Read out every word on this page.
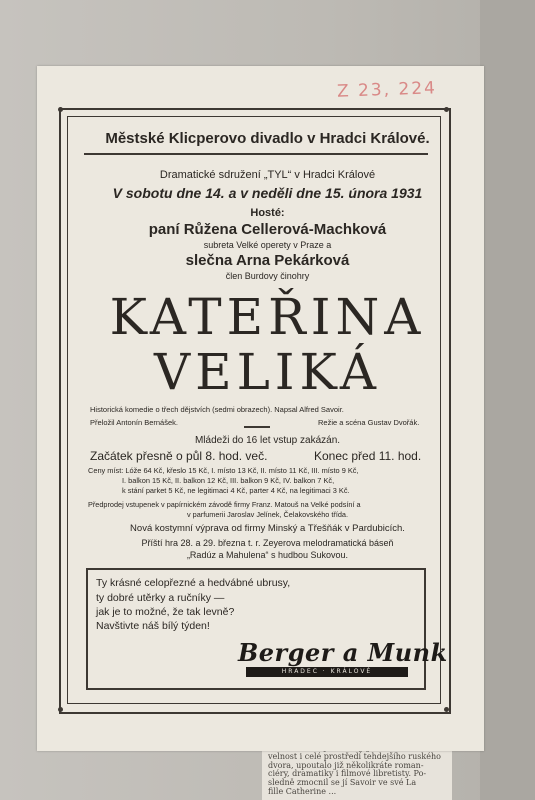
velnost i celé prostředí tehdejšího ruského
dvora, upoutalo již několikráte roman-
ciéry, dramatiky i filmové libretisty. Po-
sledně zmocnil se jí Savoir ve své La
fille Catherine ...
Z 23, 224
Městské Klicperovo divadlo v Hradci Králové.
Dramatické sdružení „TYL“ v Hradci Králové
V sobotu dne 14. a v neděli dne 15. února 1931
Hosté:
paní Růžena Cellerová-Machková
subreta Velké operety v Praze a
slečna Arna Pekárková
člen Burdovy činohry
KATEŘINA
VELIKÁ
Historická komedie o třech dějstvích (sedmi obrazech). Napsal Alfred Savoir.
Přeložil Antonín Bernášek.	Režie a scéna Gustav Dvořák.
Mládeži do 16 let vstup zakázán.
Začátek přesně o půl 8. hod. več.	Konec před 11. hod.
Ceny míst: Lóže 64 Kč, křeslo 15 Kč, I. místo 13 Kč, II. místo 11 Kč, III. místo 9 Kč,
I. balkon 15 Kč, II. balkon 12 Kč, III. balkon 9 Kč, IV. balkon 7 Kč,
k stání parket 5 Kč, ne legitimaci 4 Kč, parter 4 Kč, na legitimaci 3 Kč.
Předprodej vstupenek v papírnickém závodě firmy Franz. Matouš na Velké podsíní a
v parfumerii Jaroslav Jelínek, Čelakovského třída.
Nová kostymní výprava od firmy Minský a Třešňák v Pardubicích.
Příští hra 28. a 29. března t. r. Zeyerova melodramatická báseň
„Radúz a Mahulena“ s hudbou Sukovou.
Ty krásné celopřezné a hedvábné ubrusy,
ty dobré utěrky a ručníky —
jak je to možné, že tak levně?
Navštivte náš bílý týden!
Berger a Munk
HRADEC · KRÁLOVÉ
